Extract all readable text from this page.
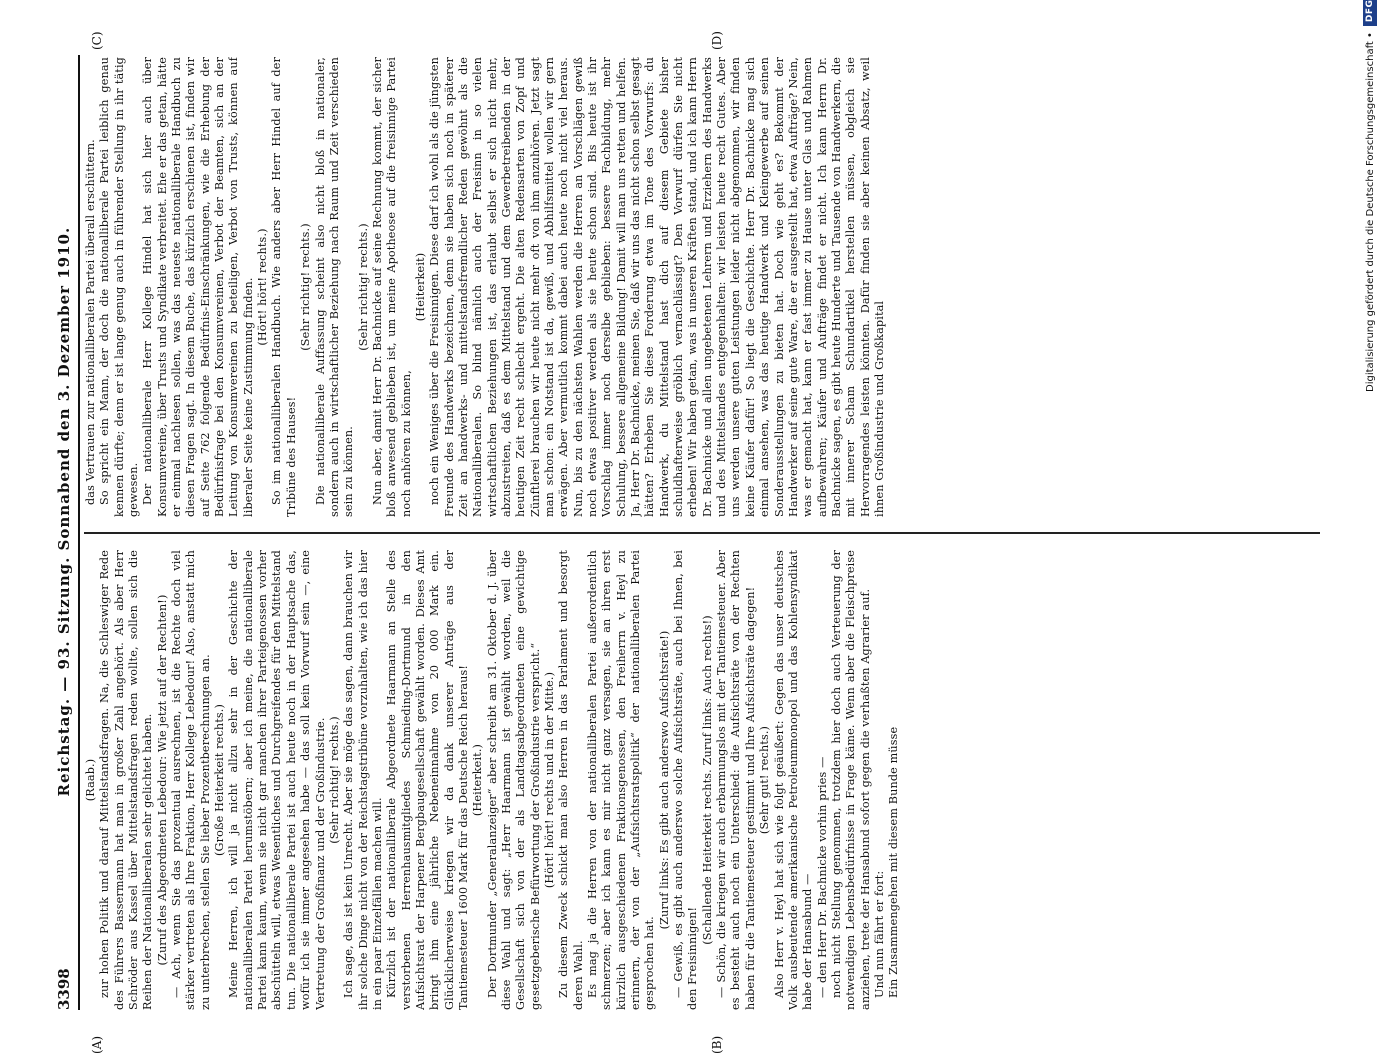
3398
Reichstag. — 93. Sitzung. Sonnabend den 3. Dezember 1910.
(A)	(B)
(C)	(D)

(Raab.) zur hohen Politik und darauf Mittelstandsfragen. Na, die Schleswiger Rede des Führers Bassermann hat man in großer Zahl angehört. Als aber Herr Schröder aus Kassel über Mittelstandsfragen reden wollte, sollen sich die Reihen der Nationalliberalen sehr gelichtet haben. (Zuruf des Abgeordneten Lebedour: Wie jetzt auf der Rechten!) — Ach, wenn Sie das prozentual ausrechnen, ist die Rechte doch viel stärker vertreten als Ihre Fraktion, Herr Kollege Lebedour! Also, anstatt mich zu unterbrechen, stellen Sie lieber Prozentberechnungen an. (Große Heiterkeit rechts.) Meine Herren, ich will ja nicht allzu sehr in der Geschichte der nationalliberalen Partei herumstöbern; aber ich meine, die nationalliberale Partei kann kaum, wenn sie nicht gar manchen ihrer Parteigenossen vorher abschütteln will, etwas Wesentliches und Durchgreifendes für den Mittelstand tun. Die nationalliberale Partei ist auch heute noch in der Hauptsache das, wofür ich sie immer angesehen habe — das soll kein Vorwurf sein —, eine Vertretung der Großfinanz und der Großindustrie. (Sehr richtig! rechts.) Ich sage, das ist kein Unrecht. Aber sie möge das sagen, dann brauchen wir ihr solche Dinge nicht von der Reichstagstribüne vorzuhalten, wie ich das hier in ein paar Einzelfällen machen will. Kürzlich ist der nationalliberale Abgeordnete Haarmann an Stelle des verstorbenen Herrenhausmitgliedes Schmieding-Dortmund in den Aufsichtsrat der Harpener Bergbaugesellschaft gewählt worden. Dieses Amt bringt ihm eine jährliche Nebeneinnahme von 20 000 Mark ein. Glücklicherweise kriegen wir da dank unserer Anträge aus der Tantiemesteuer 1600 Mark für das Deutsche Reich heraus! (Heiterkeit.) Der Dortmunder „Generalanzeiger“ aber schreibt am 31. Oktober d. J. über diese Wahl und sagt: „Herr Haarmann ist gewählt worden, weil die Gesellschaft sich von der als Landtagsabgeordneten eine gewichtige gesetzgeberische Befürwortung der Großindustrie verspricht.“ (Hört! hört! rechts und in der Mitte.) Zu diesem Zweck schickt man also Herren in das Parlament und besorgt deren Wahl. Es mag ja die Herren von der nationalliberalen Partei außerordentlich schmerzen; aber ich kann es mir nicht ganz versagen, sie an ihren erst kürzlich ausgeschiedenen Fraktionsgenossen, den Freiherrn v. Heyl zu erinnern, der von der „Aufsichtsratspolitik“ der nationalliberalen Partei gesprochen hat.

(Zuruf links: Es gibt auch anderswo Aufsichtsräte!) — Gewiß, es gibt auch anderswo solche Aufsichtsräte, auch bei Ihnen, bei den Freisinnigen!

(Schallende Heiterkeit rechts. Zuruf links: Auch rechts!) — Schön, die kriegen wir auch erbarmungslos mit der Tantiemesteuer. Aber es besteht auch noch ein Unterschied: die Aufsichtsräte von der Rechten haben für die Tantiemesteuer gestimmt und Ihre Aufsichtsräte dagegen! (Sehr gut! rechts.) Also Herr v. Heyl hat sich wie folgt geäußert: Gegen das unser deutsches Volk ausbeutende amerikanische Petroleummonopol und das Kohlensyndikat habe der Hansabund — — den Herr Dr. Bachnicke vorhin pries — noch nicht Stellung genommen, trotzdem hier doch auch Verteuerung der notwendigen Lebensbedürfnisse in Frage käme. Wenn aber die Fleischpreise anziehen, trete der Hansabund sofort gegen die verhaßten Agrarier auf. Und nun fährt er fort: Ein Zusammengehen mit diesem Bunde müsse

das Vertrauen zur nationalliberalen Partei überall erschüttern. So spricht ein Mann, der doch die nationalliberale Partei leiblich genau kennen dürfte; denn er ist lange genug auch in führender Stellung in ihr tätig gewesen. Der nationalliberale Herr Kollege Hindel hat sich hier auch über Konsumvereine, über Trusts und Syndikate verbreitet. Ehe er das getan, hätte er einmal nachlesen sollen, was das neueste nationalliberale Handbuch zu diesen Fragen sagt. In diesem Buche, das kürzlich erschienen ist, finden wir auf Seite 762 folgende Bedürfnis-Einschränkungen, wie die Erhebung der Bedürfnisfrage bei den Konsumvereinen, Verbot der Beamten, sich an der Leitung von Konsumvereinen zu beteiligen, Verbot von Trusts, können auf liberaler Seite keine Zustimmung finden. (Hört! hört! rechts.) So im nationalliberalen Handbuch. Wie anders aber Herr Hindel auf der Tribüne des Hauses!

(Sehr richtig! rechts.) Die nationalliberale Auffassung scheint also nicht bloß in nationaler, sondern auch in wirtschaftlicher Beziehung nach Raum und Zeit verschieden sein zu können.

(Sehr richtig! rechts.) Nun aber, damit Herr Dr. Bachnicke auf seine Rechnung kommt, der sicher bloß anwesend geblieben ist, um meine Apotheose auf die freisinnige Partei noch anhören zu können,

(Heiterkeit) noch ein Weniges über die Freisinnigen. Diese darf ich wohl als die jüngsten Freunde des Handwerks bezeichnen, denn sie haben sich noch in späterer Zeit an handwerks- und mittelstandsfremdlicher Reden gewöhnt als die Nationalliberalen. So blind nämlich auch der Freisinn in so vielen wirtschaftlichen Beziehungen ist, das erlaubt selbst er sich nicht mehr, abzustreiten, daß es dem Mittelstand und dem Gewerbetreibenden in der heutigen Zeit recht schlecht ergeht. Die alten Redensarten von Zopf und Zünftlerei brauchen wir heute nicht mehr oft von ihm anzuhören. Jetzt sagt man schon: ein Notstand ist da, gewiß, und Abhilfsmittel wollen wir gern erwägen. Aber vermutlich kommt dabei auch heute noch nicht viel heraus. Nun, bis zu den nächsten Wahlen werden die Herren an Vorschlägen gewiß noch etwas positiver werden als sie heute schon sind. Bis heute ist ihr Vorschlag immer noch derselbe geblieben: bessere Fachbildung, mehr Schulung, bessere allgemeine Bildung! Damit will man uns retten und helfen. Ja, Herr Dr. Bachnicke, meinen Sie, daß wir uns das nicht schon selbst gesagt hätten? Erheben Sie diese Forderung etwa im Tone des Vorwurfs: du Handwerk, du Mittelstand hast dich auf diesem Gebiete bisher schuldhafterweise gröblich vernachlässigt? Den Vorwurf dürfen Sie nicht erheben! Wir haben getan, was in unseren Kräften stand, und ich kann Herrn Dr. Bachnicke und allen ungebetenen Lehrern und Erziehern des Handwerks und des Mittelstandes entgegenhalten: wir leisten heute recht Gutes. Aber uns werden unsere guten Leistungen leider nicht abgenommen, wir finden keine Käufer dafür! So liegt die Geschichte. Herr Dr. Bachnicke mag sich einmal ansehen, was das heutige Handwerk und Kleingewerbe auf seinen Sonderausstellungen zu bieten hat. Doch wie geht es? Bekommt der Handwerker auf seine gute Ware, die er ausgestellt hat, etwa Aufträge? Nein, was er gemacht hat, kann er fast immer zu Hause unter Glas und Rahmen aufbewahren; Käufer und Aufträge findet er nicht. Ich kann Herrn Dr. Bachnicke sagen, es gibt heute Hunderte und Tausende von Handwerkern, die mit innerer Scham Schundartikel herstellen müssen, obgleich sie Hervorragendes leisten könnten. Dafür finden sie aber keinen Absatz, weil ihnen Großindustrie und Großkapital

Digitalisierung gefördert durch die Deutsche Forschungsgemeinschaft •
DFG
